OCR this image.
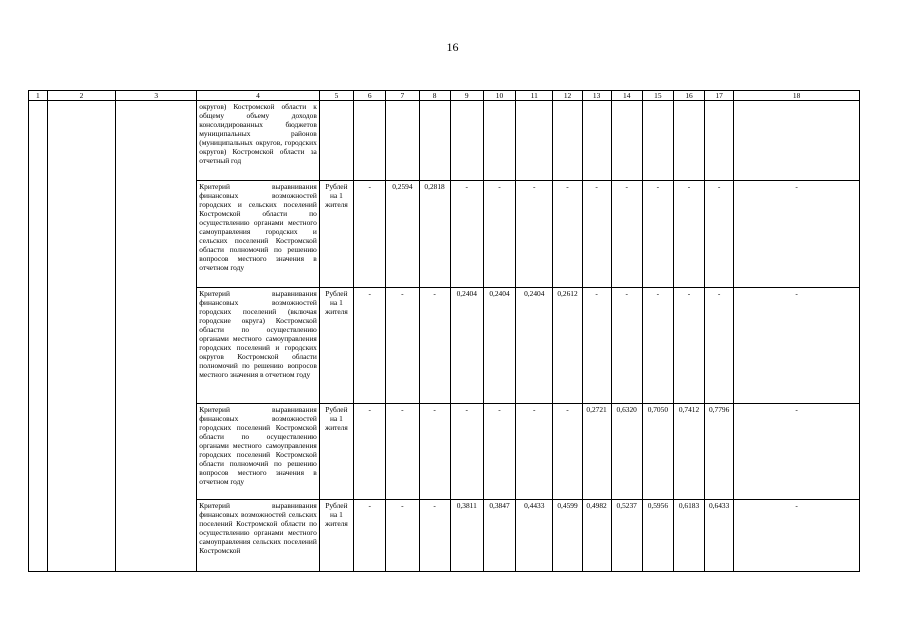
16
1	2	3	4	5	6	7	8	9	10	11	12	13	14	15	16	17	18
			округов) Костромской области к общему объему доходов консолидированных бюджетов муниципальных районов (муниципальных округов, городских округов) Костромской области за отчетный год														
			Критерий выравнивания финансовых возможностей городских и сельских поселений Костромской области по осуществлению органами местного самоуправления городских и сельских поселений Костромской области полномочий по решению вопросов местного значения в отчетном году	Рублей на 1 жителя	-	0,2594	0,2818	-	-	-	-	-	-	-	-	-	-
			Критерий выравнивания финансовых возможностей городских поселений (включая городские округа) Костромской области по осуществлению органами местного самоуправления городских поселений и городских округов Костромской области полномочий по решению вопросов местного значения в отчетном году	Рублей на 1 жителя	-	-	-	0,2404	0,2404	0,2404	0,2612	-	-	-	-	-	-
			Критерий выравнивания финансовых возможностей городских поселений Костромской области по осуществлению органами местного самоуправления городских поселений Костромской области полномочий по решению вопросов местного значения в отчетном году	Рублей на 1 жителя	-	-	-	-	-	-	-	0,2721	0,6320	0,7050	0,7412	0,7796	-
			Критерий выравнивания финансовых возможностей сельских поселений Костромской области по осуществлению органами местного самоуправления сельских поселений Костромской	Рублей на 1 жителя	-	-	-	0,3811	0,3847	0,4433	0,4599	0,4982	0,5237	0,5956	0,6183	0,6433	-
